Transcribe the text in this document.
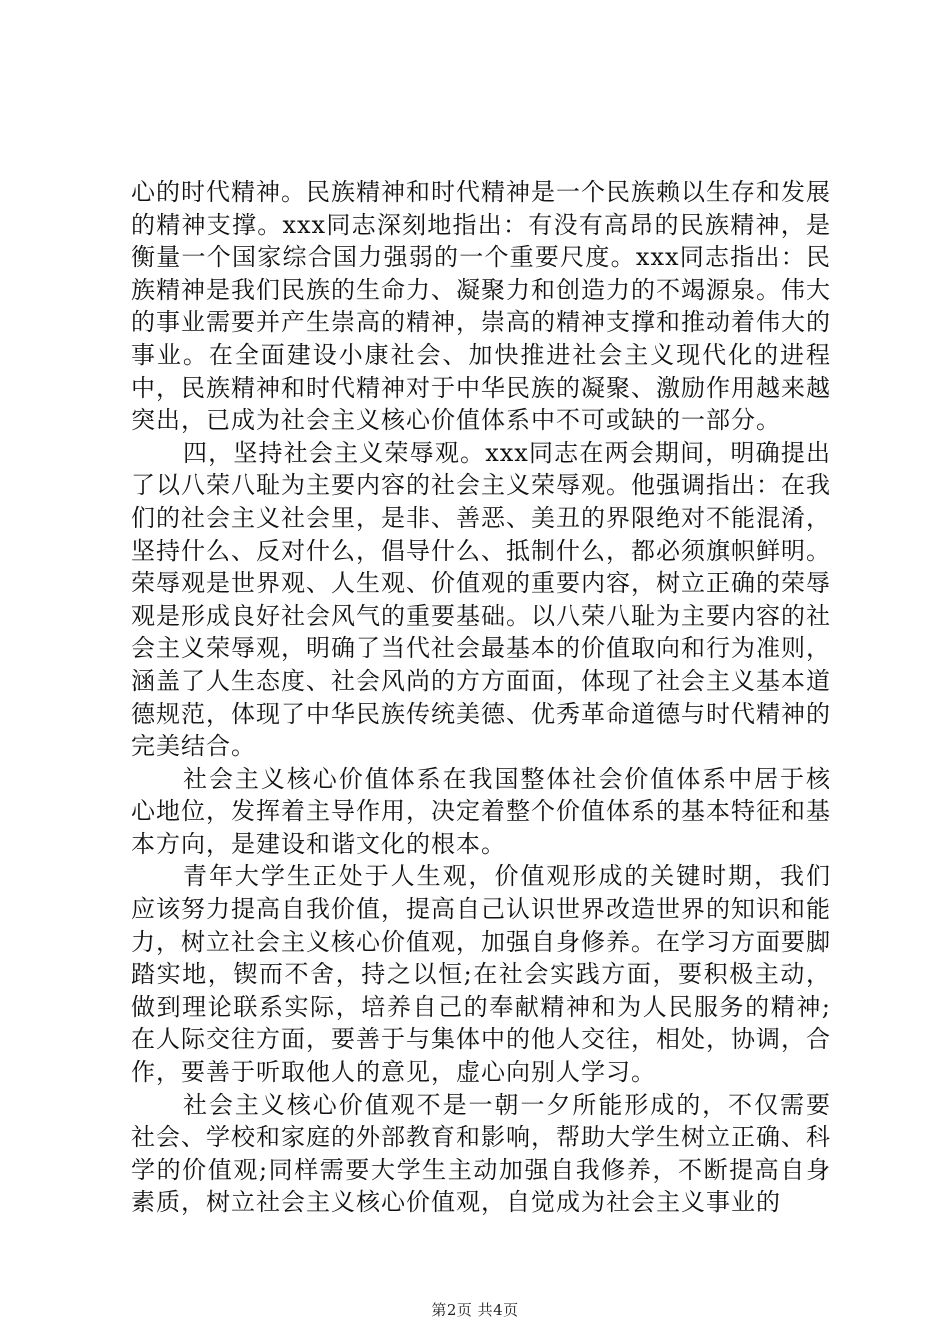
心的时代精神。民族精神和时代精神是一个民族赖以生存和发展的精神支撑。xxx同志深刻地指出：有没有高昂的民族精神，是衡量一个国家综合国力强弱的一个重要尺度。xxx同志指出：民族精神是我们民族的生命力、凝聚力和创造力的不竭源泉。伟大的事业需要并产生崇高的精神，崇高的精神支撑和推动着伟大的事业。在全面建设小康社会、加快推进社会主义现代化的进程中，民族精神和时代精神对于中华民族的凝聚、激励作用越来越突出，已成为社会主义核心价值体系中不可或缺的一部分。

四，坚持社会主义荣辱观。xxx同志在两会期间，明确提出了以八荣八耻为主要内容的社会主义荣辱观。他强调指出：在我们的社会主义社会里，是非、善恶、美丑的界限绝对不能混淆，坚持什么、反对什么，倡导什么、抵制什么，都必须旗帜鲜明。荣辱观是世界观、人生观、价值观的重要内容，树立正确的荣辱观是形成良好社会风气的重要基础。以八荣八耻为主要内容的社会主义荣辱观，明确了当代社会最基本的价值取向和行为准则，涵盖了人生态度、社会风尚的方方面面，体现了社会主义基本道德规范，体现了中华民族传统美德、优秀革命道德与时代精神的完美结合。

社会主义核心价值体系在我国整体社会价值体系中居于核心地位，发挥着主导作用，决定着整个价值体系的基本特征和基本方向，是建设和谐文化的根本。

青年大学生正处于人生观，价值观形成的关键时期，我们应该努力提高自我价值，提高自己认识世界改造世界的知识和能力，树立社会主义核心价值观，加强自身修养。在学习方面要脚踏实地，锲而不舍，持之以恒;在社会实践方面，要积极主动，做到理论联系实际，培养自己的奉献精神和为人民服务的精神;在人际交往方面，要善于与集体中的他人交往，相处，协调，合作，要善于听取他人的意见，虚心向别人学习。

社会主义核心价值观不是一朝一夕所能形成的，不仅需要社会、学校和家庭的外部教育和影响，帮助大学生树立正确、科学的价值观;同样需要大学生主动加强自我修养，不断提高自身素质，树立社会主义核心价值观，自觉成为社会主义事业的

第2页 共4页
